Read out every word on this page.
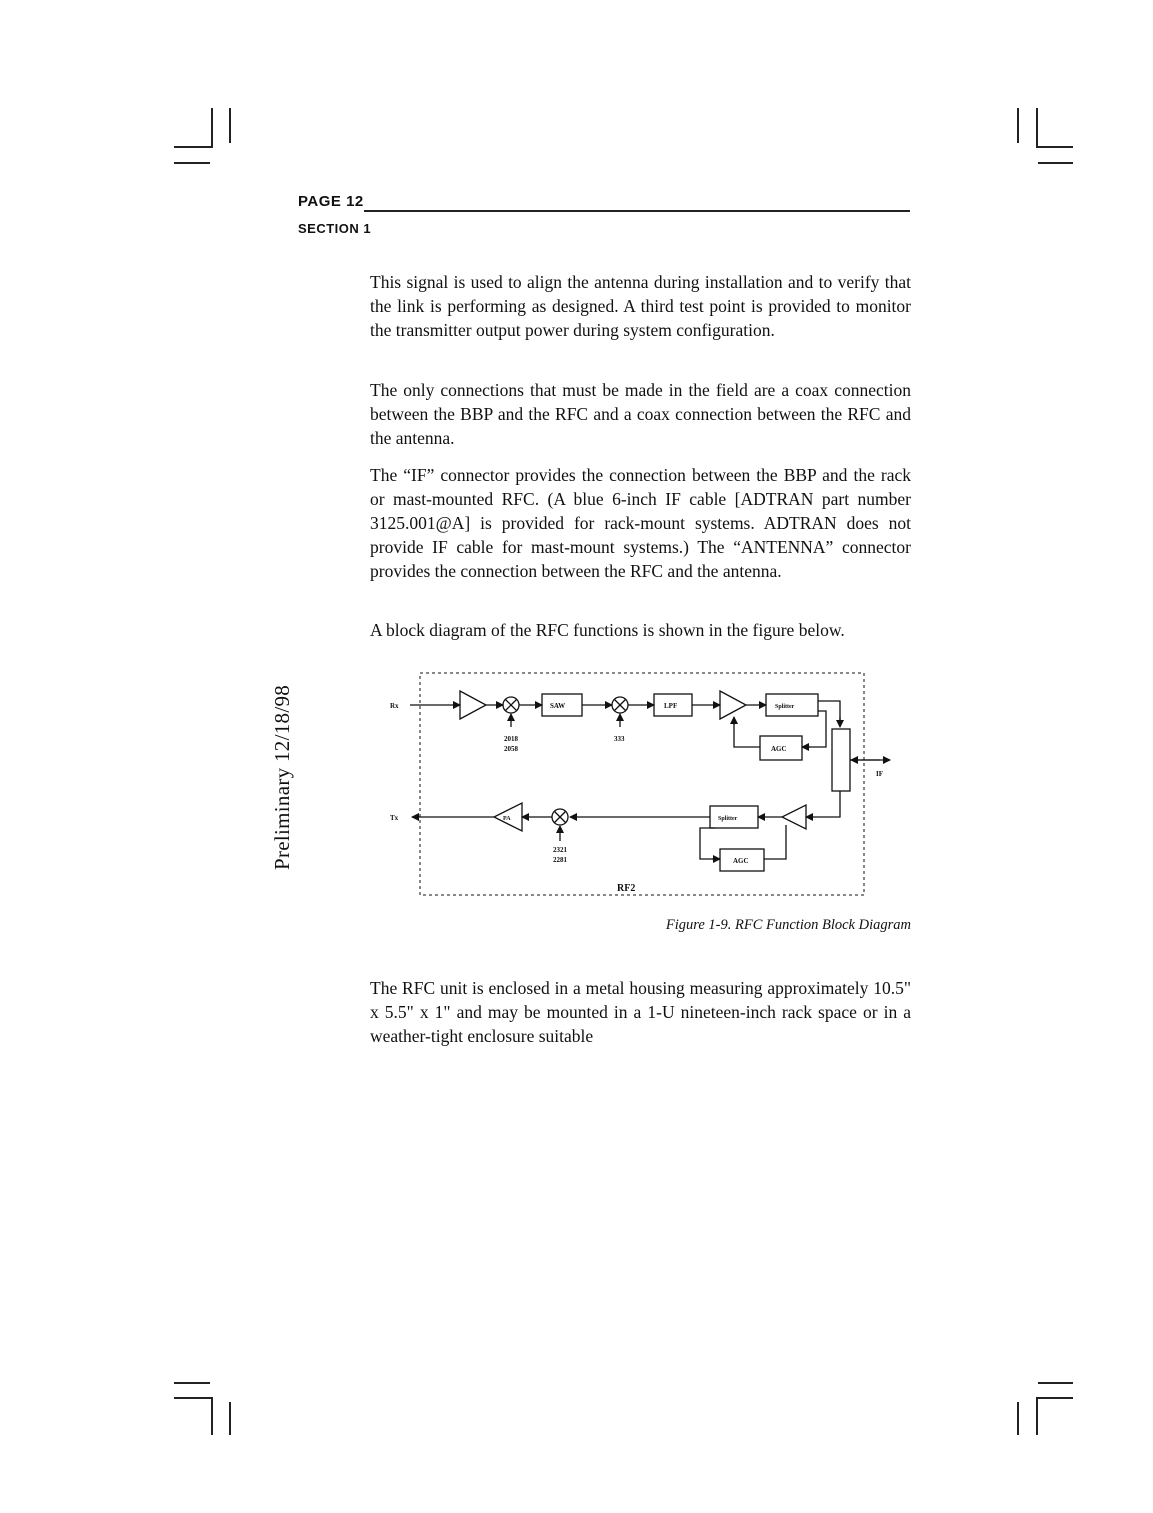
PAGE 12
SECTION 1
Preliminary 12/18/98

This signal is used to align the antenna during installation and to verify that the link is performing as designed. A third test point is provided to monitor the transmitter output power during system configuration.

The only connections that must be made in the field are a coax connection between the BBP and the RFC and a coax connection between the RFC and the antenna.

The “IF” connector provides the connection between the BBP and the rack or mast-mounted RFC. (A blue 6-inch IF cable [ADTRAN part number 3125.001@A] is provided for rack-mount systems. ADTRAN does not provide IF cable for mast-mount systems.) The “ANTENNA” connector provides the connection between the RFC and the antenna.

A block diagram of the RFC functions is shown in the figure below.

Rx
Tx
IF
SAW	LPF	Splitter
AGC
Splitter
AGC
PA
2018
2058
333
2321
2281
RF2
Figure 1-9. RFC Function Block Diagram

The RFC unit is enclosed in a metal housing measuring approximately 10.5" x 5.5" x 1" and may be mounted in a 1-U nineteen-inch rack space or in a weather-tight enclosure suitable
